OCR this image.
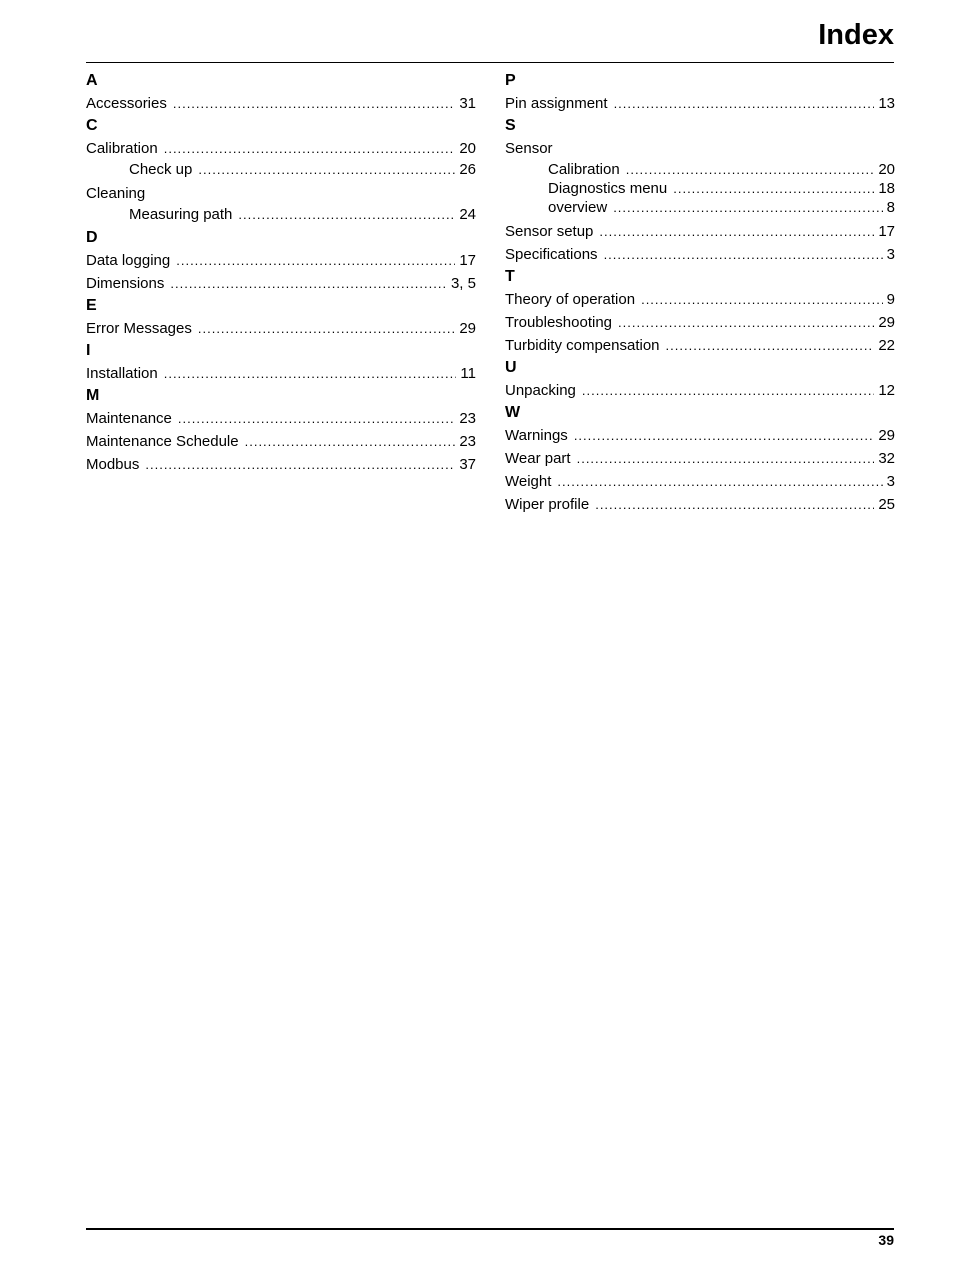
Index
A
Accessories .....	31
C
Calibration .....	20
Check up .....	26
Cleaning
Measuring path .....	24
D
Data logging .....	17
Dimensions .....	3, 5
E
Error Messages .....	29
I
Installation .....	11
M
Maintenance .....	23
Maintenance Schedule .....	23
Modbus .....	37
P
Pin assignment .....	13
S
Sensor
Calibration .....	20
Diagnostics menu .....	18
overview .....	8
Sensor setup .....	17
Specifications .....	3
T
Theory of operation .....	9
Troubleshooting .....	29
Turbidity compensation .....	22
U
Unpacking .....	12
W
Warnings .....	29
Wear part .....	32
Weight .....	3
Wiper profile .....	25
39
